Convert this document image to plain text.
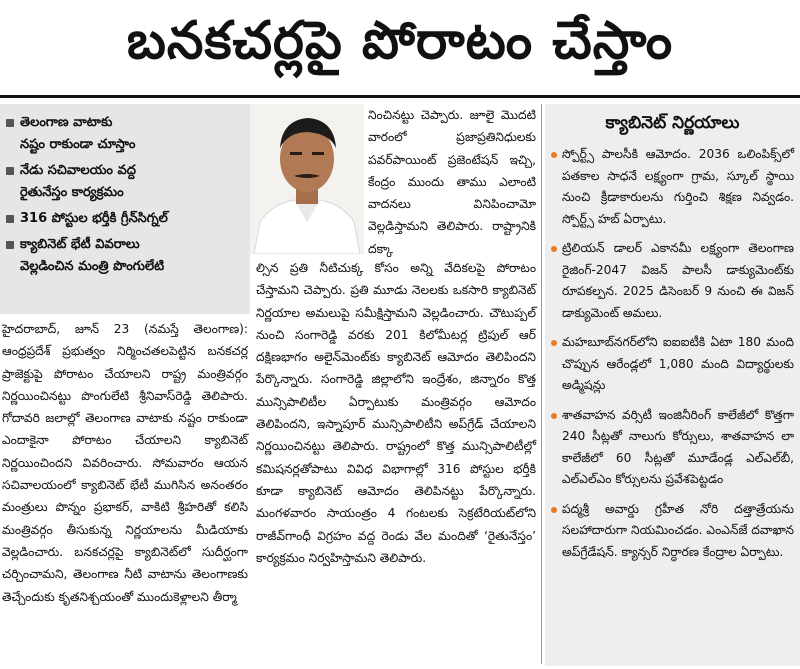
బనకచర్లపై పోరాటం చేస్తాం
తెలంగాణ వాటాకు
నష్టం రాకుండా చూస్తాం
నేడు సచివాలయం వద్ద
రైతునేస్తం కార్యక్రమం
316 పోస్టుల భర్తీకి గ్రీన్‌సిగ్నల్
క్యాబినెట్ భేటీ వివరాలు
వెల్లడించిన మంత్రి పొంగులేటి

హైదరాబాద్, జూన్ 23 (నమస్తే తెలంగాణ): ఆంధ్రప్రదేశ్ ప్రభుత్వం నిర్మించతలపెట్టిన బనకచర్ల ప్రాజెక్టుపై పోరాటం చేయాలని రాష్ట్ర మంత్రివర్గం నిర్ణయించినట్టు పొంగులేటి శ్రీనివాస్‌రెడ్డి తెలిపారు. గోదావరి జలాల్లో తెలంగాణ వాటాకు నష్టం రాకుండా ఎందాకైనా పోరాటం చేయాలని క్యాబినెట్ నిర్ణయించిందని వివరించారు. సోమవారం ఆయన సచివాలయంలో క్యాబినెట్ భేటీ ముగిసిన అనంతరం మంత్రులు పొన్నం ప్రభాకర్, వాకిటి శ్రీహరితో కలిసి మంత్రివర్గం తీసుకున్న నిర్ణయాలను మీడియాకు వెల్లడించారు. బనకచర్లపై క్యాబినెట్‌లో సుదీర్ఘంగా చర్చించామని, తెలంగాణ నీటి వాటాను తెలంగాణకు తెచ్చేందుకు కృతనిశ్చయంతో ముందుకెళ్లాలని తీర్మా

నించినట్టు చెప్పారు. జూలై మొదటి వారంలో ప్రజాప్రతినిధులకు పవర్‌పాయింట్ ప్రజెంటేషన్ ఇచ్చి, కేంద్రం ముందు తాము ఎలాంటి వాదనలు వినిపించామో వెల్లడిస్తామని తెలిపారు. రాష్ట్రానికి దక్కా

ల్సిన ప్రతి నీటిచుక్క కోసం అన్ని వేదికలపై పోరాటం చేస్తామని చెప్పారు. ప్రతి మూడు నెలలకు ఒకసారి క్యాబినెట్ నిర్ణయాల అమలుపై సమీక్షిస్తామని వెల్లడించారు. చౌటుప్పల్ నుంచి సంగారెడ్డి వరకు 201 కిలోమీటర్ల ట్రిపుల్ ఆర్ దక్షిణభాగం అలైన్‌మెంట్‌కు క్యాబినెట్ ఆమోదం తెలిపిందని పేర్కొన్నారు. సంగారెడ్డి జిల్లాలోని ఇంద్రేశం, జిన్నారం కొత్త మున్సిపాలిటీల ఏర్పాటుకు మంత్రివర్గం ఆమోదం తెలిపిందని, ఇస్నాపూర్ మున్సిపాలిటీని అప్‌గ్రేడ్ చేయాలని నిర్ణయించినట్టు తెలిపారు. రాష్ట్రంలో కొత్త మున్సిపాలిటీల్లో కమిషనర్లతోపాటు వివిధ విభాగాల్లో 316 పోస్టుల భర్తీకి కూడా క్యాబినెట్ ఆమోదం తెలిపినట్టు పేర్కొన్నారు. మంగళవారం సాయంత్రం 4 గంటలకు సెక్రటేరియట్‌లోని రాజీవ్‌గాంధీ విగ్రహం వద్ద రెండు వేల మందితో ‘రైతునేస్తం’ కార్యక్రమం నిర్వహిస్తామని తెలిపారు.

క్యాబినెట్ నిర్ణయాలు
స్పోర్ట్స్ పాలసీకి ఆమోదం. 2036 ఒలింపిక్స్‌లో పతకాల సాధనే లక్ష్యంగా గ్రామ, స్కూల్ స్థాయి నుంచి క్రీడాకారులను గుర్తించి శిక్షణ నివ్వడం. స్పోర్ట్స్ హబ్ ఏర్పాటు.
ట్రిలియన్ డాలర్ ఎకానమీ లక్ష్యంగా తెలంగాణ రైజింగ్-2047 విజన్ పాలసీ డాక్యుమెంట్‌కు రూపకల్పన. 2025 డిసెంబర్ 9 నుంచి ఈ విజన్ డాక్యుమెంట్ అమలు.
మహబూబ్‌నగర్‌లోని ఐఐఐటీకి ఏటా 180 మంది చొప్పున ఆరేండ్లలో 1,080 మంది విద్యార్థులకు అడ్మిషన్లు
శాతవాహన వర్సిటీ ఇంజినీరింగ్ కాలేజీలో కొత్తగా 240 సీట్లతో నాలుగు కోర్సులు, శాతవాహన లా కాలేజీలో 60 సీట్లతో మూడేండ్ల ఎల్ఎల్‌బీ, ఎల్ఎల్ఎం కోర్సులను ప్రవేశపెట్టడం
పద్మశ్రీ అవార్డు గ్రహీత నోరి దత్తాత్రేయను సలహాదారుగా నియమించడం. ఎంఎన్‌జే దవాఖాన అప్‌గ్రేడేషన్. క్యాన్సర్ నిర్ధారణ కేంద్రాల ఏర్పాటు.
